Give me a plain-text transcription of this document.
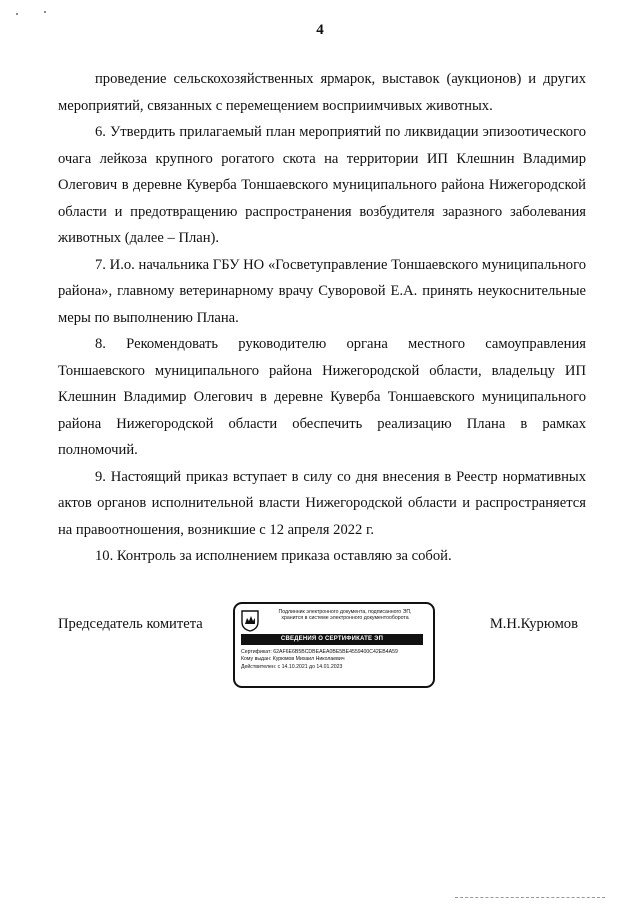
4

проведение сельскохозяйственных ярмарок, выставок (аукционов) и других мероприятий, связанных с перемещением восприимчивых животных.

6. Утвердить прилагаемый план мероприятий по ликвидации эпизоотического очага лейкоза крупного рогатого скота на территории ИП Клешнин Владимир Олегович в деревне Куверба Тоншаевского муниципального района Нижегородской области и предотвращению распространения возбудителя заразного заболевания животных (далее – План).

7. И.о. начальника ГБУ НО «Госветуправление Тоншаевского муниципального района», главному ветеринарному врачу Суворовой Е.А. принять неукоснительные меры по выполнению Плана.

8. Рекомендовать руководителю органа местного самоуправления Тоншаевского муниципального района Нижегородской области, владельцу ИП Клешнин Владимир Олегович в деревне Куверба Тоншаевского муниципального района Нижегородской области обеспечить реализацию Плана в рамках полномочий.

9. Настоящий приказ вступает в силу со дня внесения в Реестр нормативных актов органов исполнительной власти Нижегородской области и распространяется на правоотношения, возникшие с 12 апреля 2022 г.

10. Контроль за исполнением приказа оставляю за собой.

Председатель комитета
Подлинник электронного документа, подписанного ЭП,
хранится в системе электронного документооборота
СВЕДЕНИЯ О СЕРТИФИКАТЕ ЭП
Сертификат: 62AF6E6B5BCDBEAEA0BE5BE4559400C42EB4A59
Кому выдан: Курюмов Михаил Николаевич
Действителен: с 14.10.2021 до 14.01.2023
М.Н.Курюмов
